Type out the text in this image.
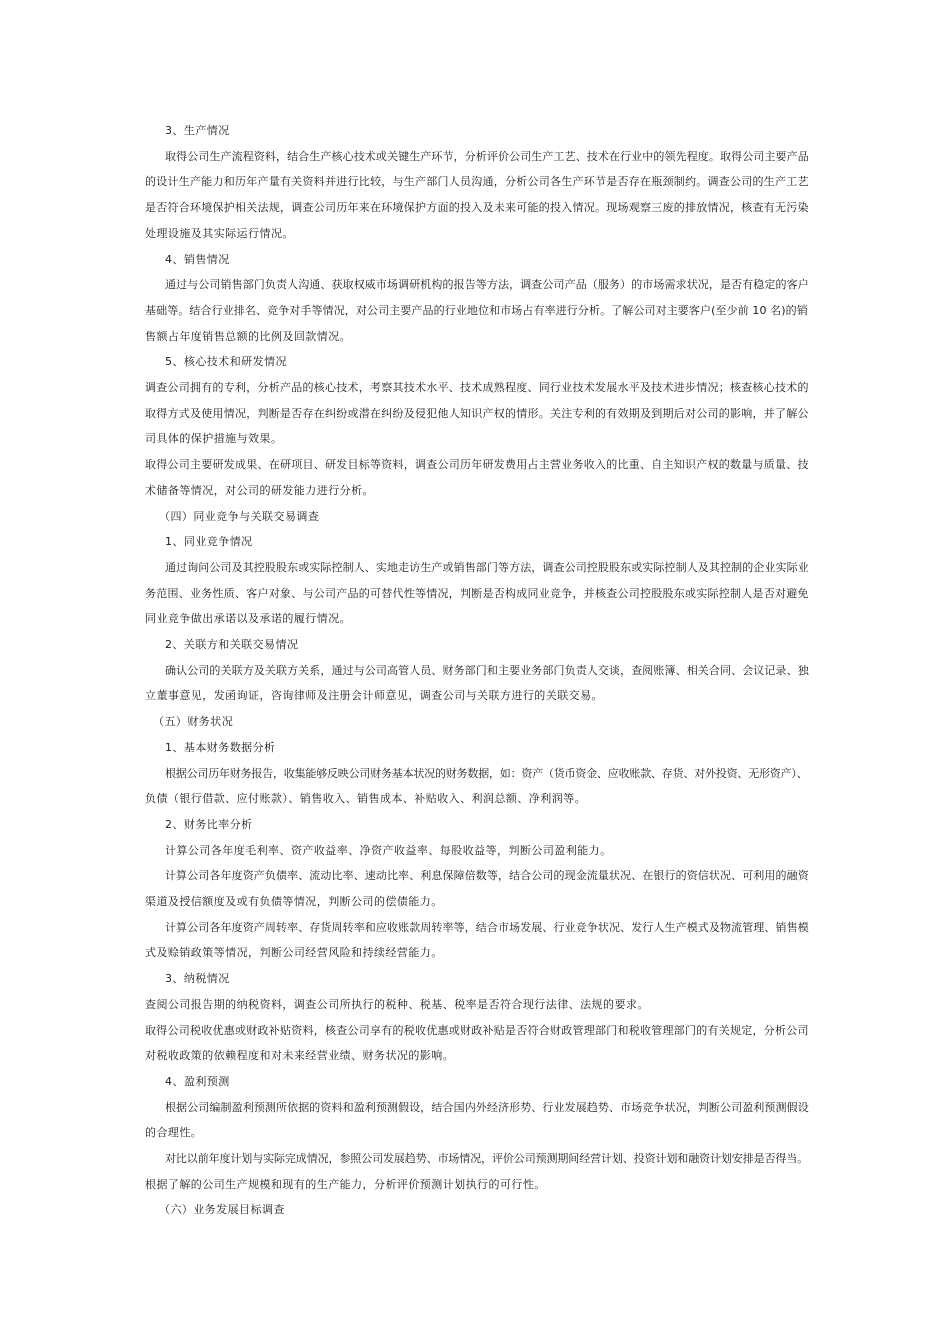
3、生产情况
取得公司生产流程资料，结合生产核心技术或关键生产环节，分析评价公司生产工艺、技术在行业中的领先程度。取得公司主要产品
的设计生产能力和历年产量有关资料并进行比较，与生产部门人员沟通，分析公司各生产环节是否存在瓶颈制约。调查公司的生产工艺
是否符合环境保护相关法规，调查公司历年来在环境保护方面的投入及未来可能的投入情况。现场观察三废的排放情况，核查有无污染
处理设施及其实际运行情况。
4、销售情况
通过与公司销售部门负责人沟通、获取权威市场调研机构的报告等方法，调查公司产品（服务）的市场需求状况，是否有稳定的客户
基础等。结合行业排名、竞争对手等情况，对公司主要产品的行业地位和市场占有率进行分析。了解公司对主要客户(至少前 10 名)的销
售额占年度销售总额的比例及回款情况。
5、核心技术和研发情况
调查公司拥有的专利，分析产品的核心技术，考察其技术水平、技术成熟程度、同行业技术发展水平及技术进步情况；核查核心技术的
取得方式及使用情况，判断是否存在纠纷或潜在纠纷及侵犯他人知识产权的情形。关注专利的有效期及到期后对公司的影响，并了解公
司具体的保护措施与效果。
取得公司主要研发成果、在研项目、研发目标等资料，调查公司历年研发费用占主营业务收入的比重、自主知识产权的数量与质量、技
术储备等情况，对公司的研发能力进行分析。
（四）同业竞争与关联交易调查
1、同业竞争情况
通过询问公司及其控股股东或实际控制人、实地走访生产或销售部门等方法，调查公司控股股东或实际控制人及其控制的企业实际业
务范围、业务性质、客户对象、与公司产品的可替代性等情况，判断是否构成同业竞争，并核查公司控股股东或实际控制人是否对避免
同业竞争做出承诺以及承诺的履行情况。
2、关联方和关联交易情况
确认公司的关联方及关联方关系，通过与公司高管人员、财务部门和主要业务部门负责人交谈，查阅账簿、相关合同、会议记录、独
立董事意见，发函询证，咨询律师及注册会计师意见，调查公司与关联方进行的关联交易。
（五）财务状况
1、基本财务数据分析
根据公司历年财务报告，收集能够反映公司财务基本状况的财务数据，如：资产（货币资金、应收账款、存货、对外投资、无形资产）、
负债（银行借款、应付账款）、销售收入、销售成本、补贴收入、利润总额、净利润等。
2、财务比率分析
计算公司各年度毛利率、资产收益率、净资产收益率、每股收益等，判断公司盈利能力。
计算公司各年度资产负债率、流动比率、速动比率、利息保障倍数等，结合公司的现金流量状况、在银行的资信状况、可利用的融资
渠道及授信额度及或有负债等情况，判断公司的偿债能力。
计算公司各年度资产周转率、存货周转率和应收账款周转率等，结合市场发展、行业竞争状况、发行人生产模式及物流管理、销售模
式及赊销政策等情况，判断公司经营风险和持续经营能力。
3、纳税情况
查阅公司报告期的纳税资料，调查公司所执行的税种、税基、税率是否符合现行法律、法规的要求。
取得公司税收优惠或财政补贴资料，核查公司享有的税收优惠或财政补贴是否符合财政管理部门和税收管理部门的有关规定，分析公司
对税收政策的依赖程度和对未来经营业绩、财务状况的影响。
4、盈利预测
根据公司编制盈利预测所依据的资料和盈利预测假设，结合国内外经济形势、行业发展趋势、市场竞争状况，判断公司盈利预测假设
的合理性。
对比以前年度计划与实际完成情况，参照公司发展趋势、市场情况，评价公司预测期间经营计划、投资计划和融资计划安排是否得当。
根据了解的公司生产规模和现有的生产能力，分析评价预测计划执行的可行性。
（六）业务发展目标调查
